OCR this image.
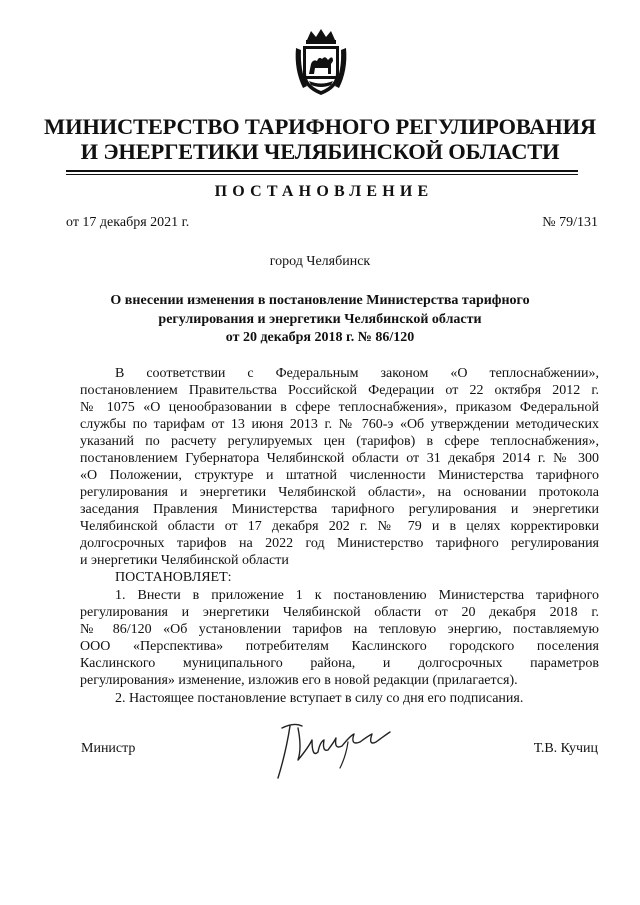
МИНИСТЕРСТВО ТАРИФНОГО РЕГУЛИРОВАНИЯ
И ЭНЕРГЕТИКИ ЧЕЛЯБИНСКОЙ ОБЛАСТИ
ПОСТАНОВЛЕНИЕ
от 17 декабря 2021 г.	№ 79/131
город Челябинск
О внесении изменения в постановление Министерства тарифного
регулирования и энергетики Челябинской области
от 20 декабря 2018 г. № 86/120
В соответствии с Федеральным законом «О теплоснабжении»,
постановлением Правительства Российской Федерации от 22 октября 2012 г.
№ 1075 «О ценообразовании в сфере теплоснабжения», приказом Федеральной
службы по тарифам от 13 июня 2013 г. № 760-э «Об утверждении методических
указаний по расчету регулируемых цен (тарифов) в сфере теплоснабжения»,
постановлением Губернатора Челябинской области от 31 декабря 2014 г. № 300
«О Положении, структуре и штатной численности Министерства тарифного
регулирования и энергетики Челябинской области», на основании протокола
заседания Правления Министерства тарифного регулирования и энергетики
Челябинской области от 17 декабря 202 г. № 79 и в целях корректировки
долгосрочных тарифов на 2022 год Министерство тарифного регулирования
и энергетики Челябинской области
ПОСТАНОВЛЯЕТ:
1. Внести в приложение 1 к постановлению Министерства тарифного
регулирования и энергетики Челябинской области от 20 декабря 2018 г.
№ 86/120 «Об установлении тарифов на тепловую энергию, поставляемую
ООО «Перспектива» потребителям Каслинского городского поселения
Каслинского муниципального района, и долгосрочных параметров
регулирования» изменение, изложив его в новой редакции (прилагается).
2. Настоящее постановление вступает в силу со дня его подписания.
Министр	Т.В. Кучиц
